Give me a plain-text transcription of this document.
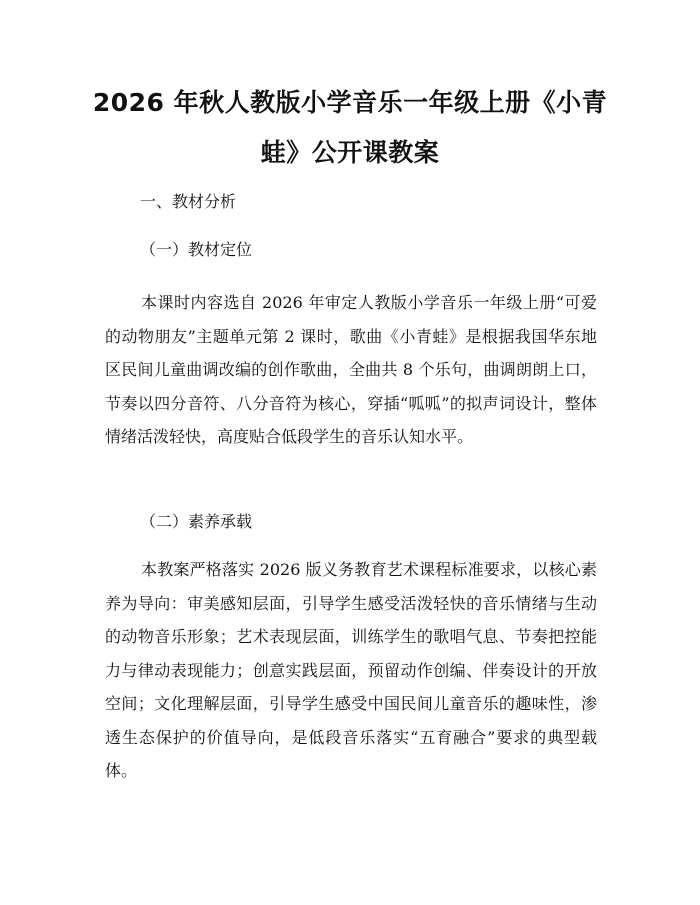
2026 年秋人教版小学音乐一年级上册《小青蛙》公开课教案
一、教材分析
（一）教材定位

本课时内容选自 2026 年审定人教版小学音乐一年级上册“可爱的动物朋友”主题单元第 2 课时，歌曲《小青蛙》是根据我国华东地区民间儿童曲调改编的创作歌曲，全曲共 8 个乐句，曲调朗朗上口，节奏以四分音符、八分音符为核心，穿插“呱呱”的拟声词设计，整体情绪活泼轻快，高度贴合低段学生的音乐认知水平。

（二）素养承载

本教案严格落实 2026 版义务教育艺术课程标准要求，以核心素养为导向：审美感知层面，引导学生感受活泼轻快的音乐情绪与生动的动物音乐形象；艺术表现层面，训练学生的歌唱气息、节奏把控能力与律动表现能力；创意实践层面，预留动作创编、伴奏设计的开放空间；文化理解层面，引导学生感受中国民间儿童音乐的趣味性，渗透生态保护的价值导向，是低段音乐落实“五育融合”要求的典型载体。
